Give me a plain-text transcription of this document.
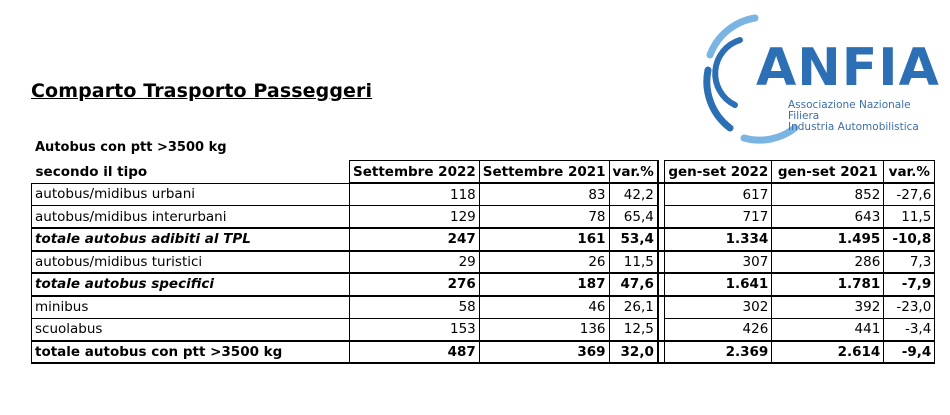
Comparto Trasporto Passeggeri	ANFIA
Associazione Nazionale
Filiera
Industria Automobilistica
Autobus con ptt >3500 kg
secondo il tipo	Settembre 2022	Settembre 2021	var.%		gen-set 2022	gen-set 2021	var.%
autobus/midibus urbani	118	83	42,2		617	852	-27,6
autobus/midibus interurbani	129	78	65,4		717	643	11,5
totale autobus adibiti al TPL	247	161	53,4		1.334	1.495	-10,8
autobus/midibus turistici	29	26	11,5		307	286	7,3
totale autobus specifici	276	187	47,6		1.641	1.781	-7,9
minibus	58	46	26,1		302	392	-23,0
scuolabus	153	136	12,5		426	441	-3,4
totale autobus con ptt >3500 kg	487	369	32,0		2.369	2.614	-9,4
